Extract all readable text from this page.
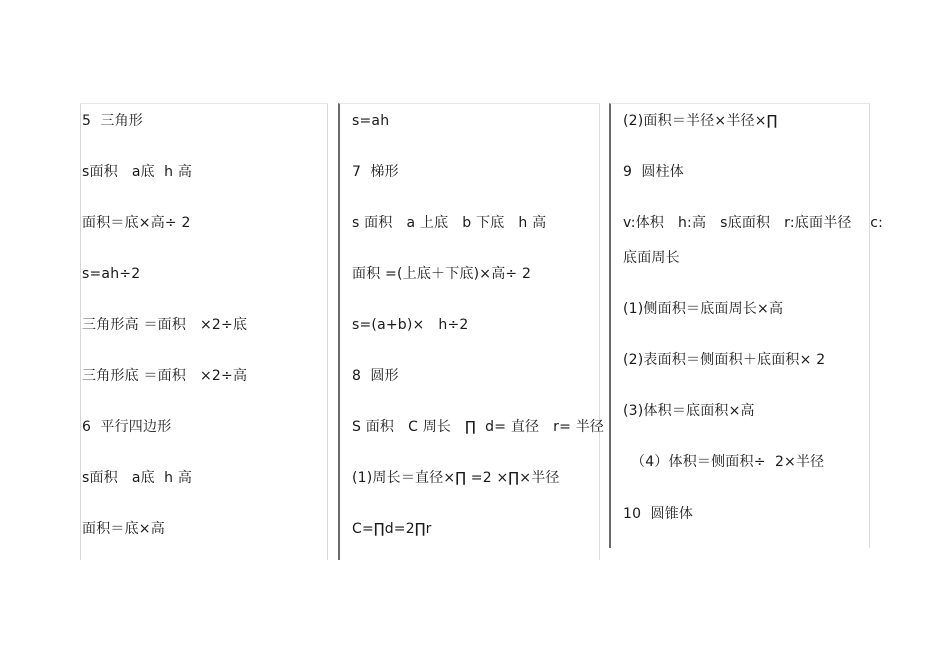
5  三角形
s面积   a底  h 高
面积＝底×高÷ 2
s=ah÷2
三角形高 ＝面积   ×2÷底
三角形底 ＝面积   ×2÷高
6  平行四边形
s面积   a底  h 高
面积＝底×高
s=ah
7  梯形
s 面积   a 上底   b 下底   h 高
面积 =(上底＋下底)×高÷ 2
s=(a+b)×   h÷2
8  圆形
S 面积   C 周长   ∏  d= 直径   r= 半径
(1)周长＝直径×∏ =2 ×∏×半径
C=∏d=2∏r
(2)面积＝半径×半径×∏
9  圆柱体
v:体积   h:高   s底面积   r:底面半径    c:
底面周长
(1)侧面积＝底面周长×高
(2)表面积＝侧面积＋底面积× 2
(3)体积＝底面积×高
（4）体积＝侧面积÷  2×半径
10  圆锥体
